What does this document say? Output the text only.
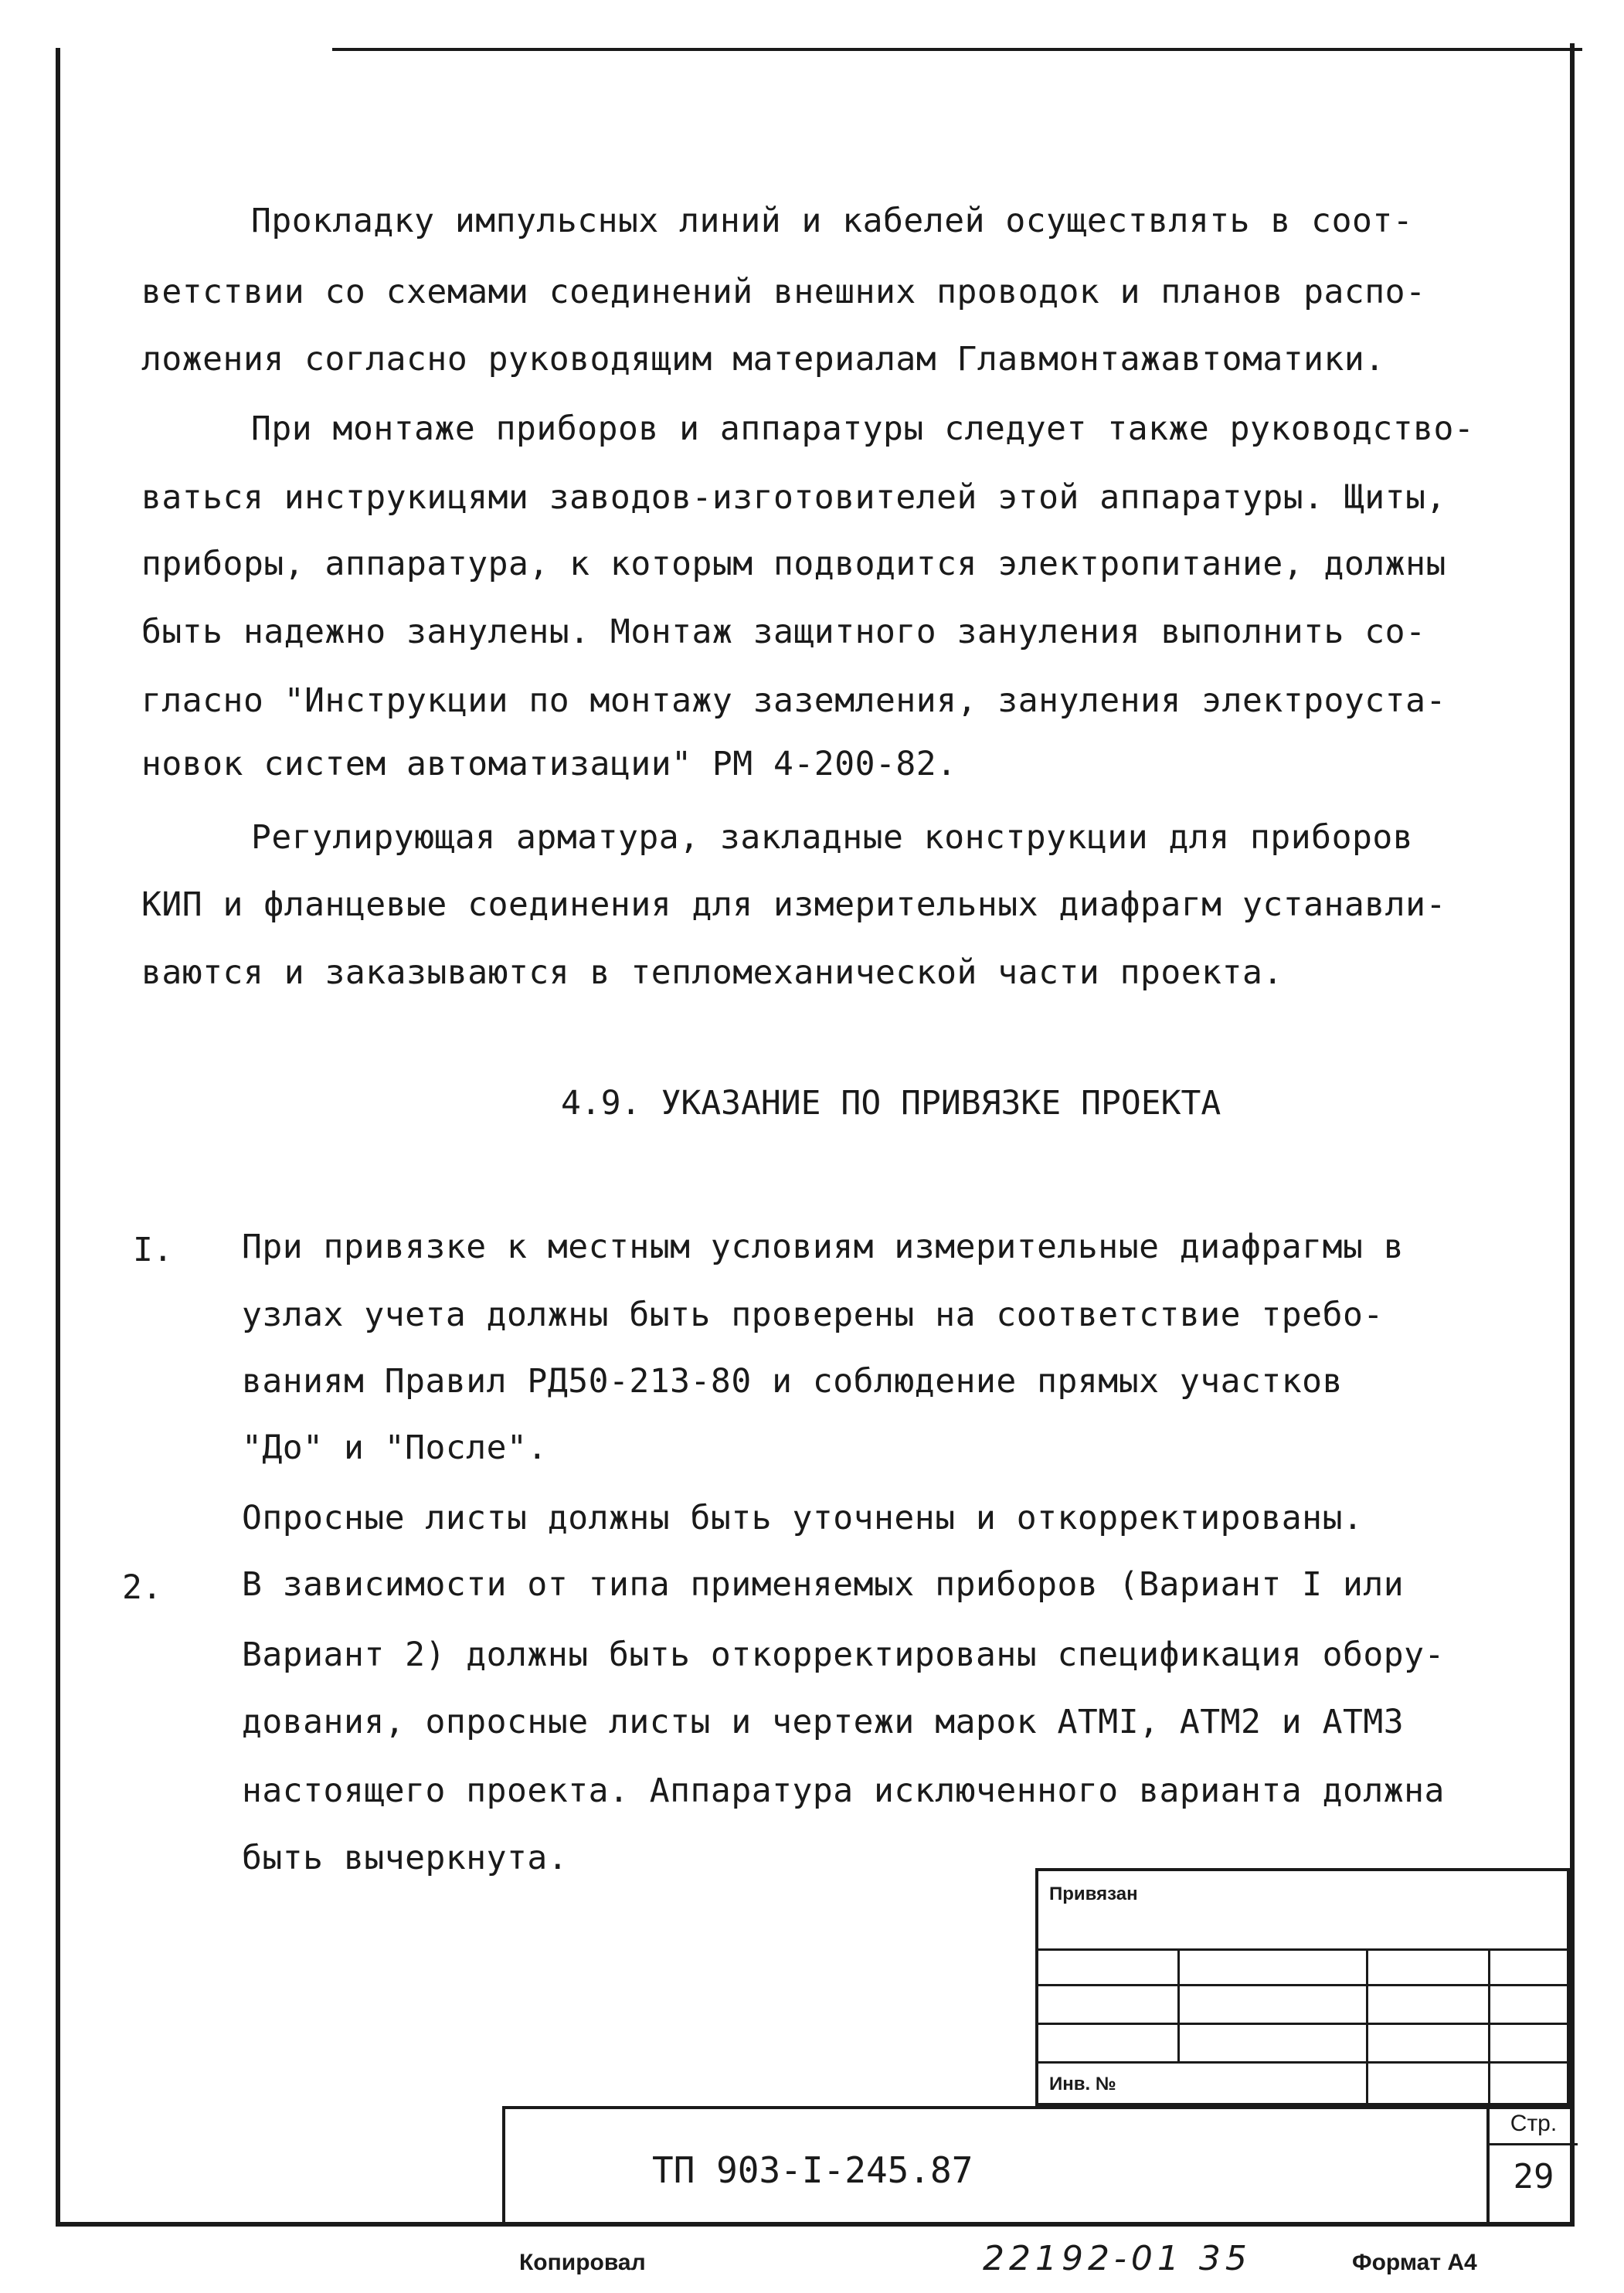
Прокладку импульсных линий и кабелей осуществлять в соот-
ветствии со схемами соединений внешних проводок и планов распо-
ложения согласно руководящим материалам Главмонтажавтоматики.
При монтаже приборов и аппаратуры следует также руководство-
ваться инструкицями заводов-изготовителей этой аппаратуры. Щиты,
приборы, аппаратура, к которым подводится электропитание, должны
быть надежно занулены. Монтаж защитного зануления выполнить со-
гласно "Инструкции по монтажу заземления, зануления электроуста-
новок систем автоматизации" РМ 4-200-82.
Регулирующая арматура, закладные конструкции для приборов
КИП и фланцевые соединения для измерительных диафрагм устанавли-
ваются и заказываются в тепломеханической части проекта.
4.9. УКАЗАНИЕ ПО ПРИВЯЗКЕ ПРОЕКТА
I. При привязке к местным условиям измерительные диафрагмы в
узлах учета должны быть проверены на соответствие требо-
ваниям Правил РД50-213-80 и соблюдение прямых участков
"До" и "После".
Опросные листы должны быть уточнены и откорректированы.
2. В зависимости от типа применяемых приборов (Вариант I или
Вариант 2) должны быть откорректированы спецификация обору-
дования, опросные листы и чертежи марок АТМI, АТМ2 и АТМ3
настоящего проекта. Аппаратура исключенного варианта должна
быть вычеркнута.
Привязан
Инв. №
ТП 903-I-245.87
Стр.
29
Копировал	22192-01 35	Формат А4
